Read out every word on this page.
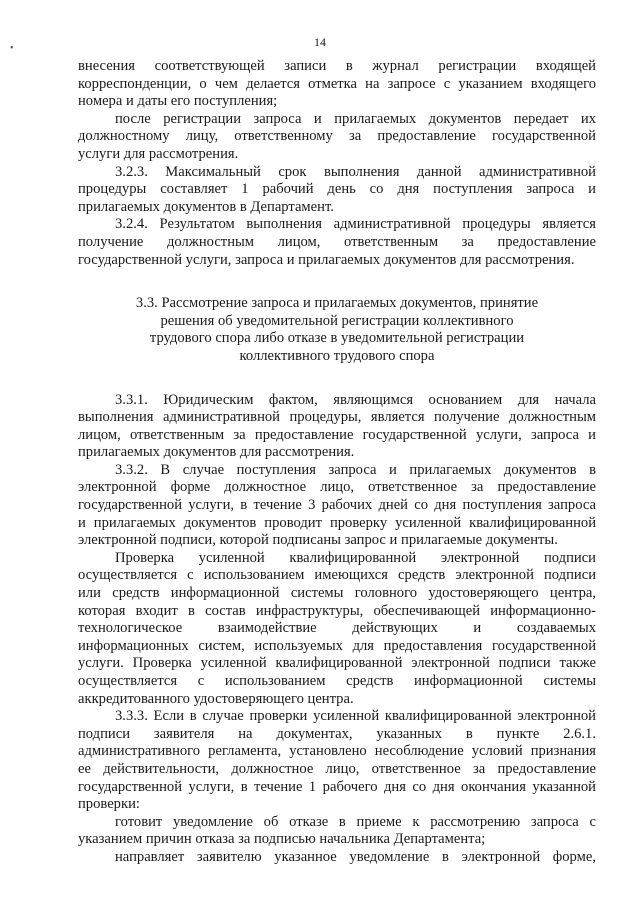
14
•
внесения соответствующей записи в журнал регистрации входящей
корреспонденции, о чем делается отметка на запросе с указанием входящего
номера и даты его поступления;
после регистрации запроса и прилагаемых документов передает их
должностному лицу, ответственному за предоставление государственной
услуги для рассмотрения.
3.2.3. Максимальный срок выполнения данной административной
процедуры составляет 1 рабочий день со дня поступления запроса и
прилагаемых документов в Департамент.
3.2.4. Результатом выполнения административной процедуры является
получение должностным лицом, ответственным за предоставление
государственной услуги, запроса и прилагаемых документов для рассмотрения.
3.3. Рассмотрение запроса и прилагаемых документов, принятие
решения об уведомительной регистрации коллективного
трудового спора либо отказе в уведомительной регистрации
коллективного трудового спора
3.3.1. Юридическим фактом, являющимся основанием для начала
выполнения административной процедуры, является получение должностным
лицом, ответственным за предоставление государственной услуги, запроса и
прилагаемых документов для рассмотрения.
3.3.2. В случае поступления запроса и прилагаемых документов в
электронной форме должностное лицо, ответственное за предоставление
государственной услуги, в течение 3 рабочих дней со дня поступления запроса
и прилагаемых документов проводит проверку усиленной квалифицированной
электронной подписи, которой подписаны запрос и прилагаемые документы.
Проверка усиленной квалифицированной электронной подписи
осуществляется с использованием имеющихся средств электронной подписи
или средств информационной системы головного удостоверяющего центра,
которая входит в состав инфраструктуры, обеспечивающей информационно-
технологическое взаимодействие действующих и создаваемых
информационных систем, используемых для предоставления государственной
услуги. Проверка усиленной квалифицированной электронной подписи также
осуществляется с использованием средств информационной системы
аккредитованного удостоверяющего центра.
3.3.3. Если в случае проверки усиленной квалифицированной электронной
подписи заявителя на документах, указанных в пункте 2.6.1.
административного регламента, установлено несоблюдение условий признания
ее действительности, должностное лицо, ответственное за предоставление
государственной услуги, в течение 1 рабочего дня со дня окончания указанной
проверки:
готовит уведомление об отказе в приеме к рассмотрению запроса с
указанием причин отказа за подписью начальника Департамента;
направляет заявителю указанное уведомление в электронной форме,
